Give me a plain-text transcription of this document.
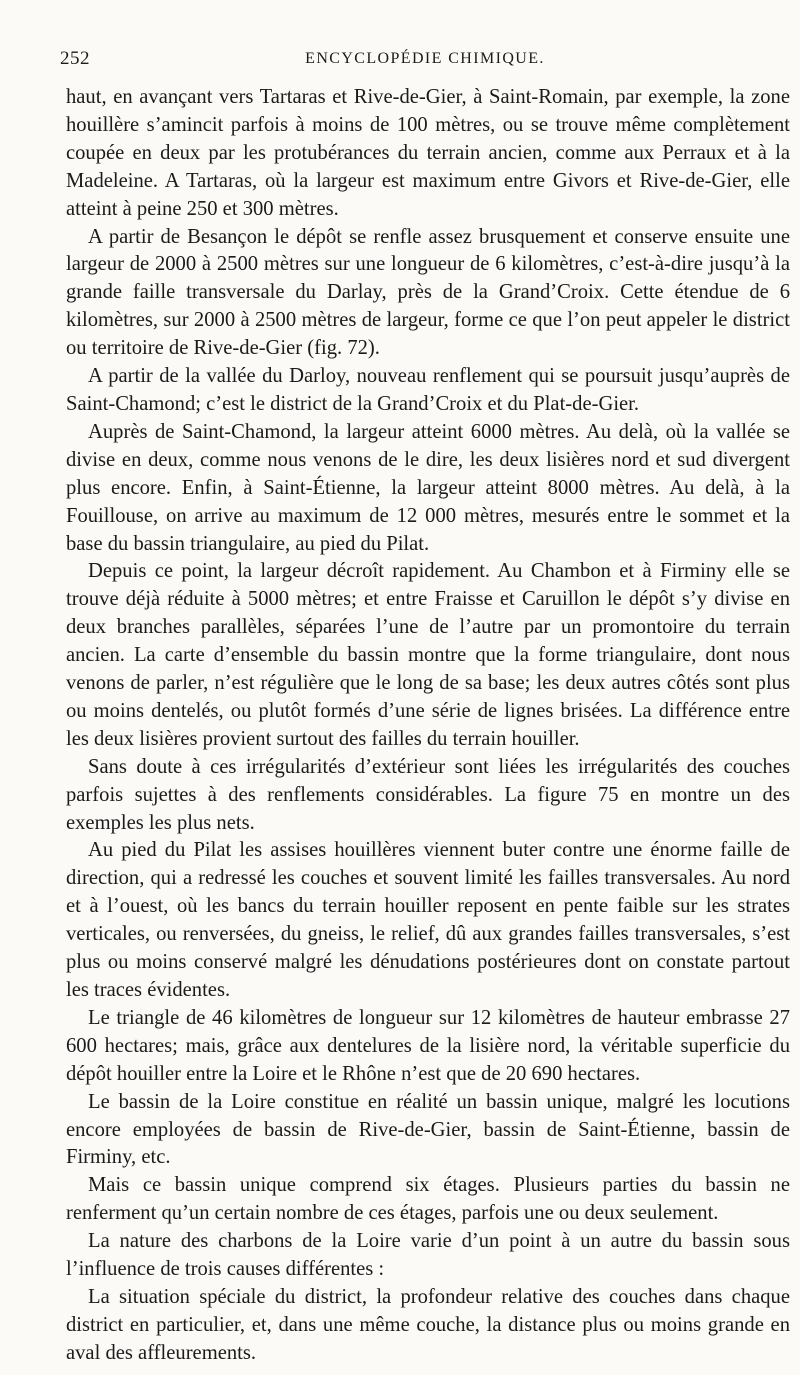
252	ENCYCLOPÉDIE CHIMIQUE.

haut, en avançant vers Tartaras et Rive-de-Gier, à Saint-Romain, par exemple, la zone houillère s’amincit parfois à moins de 100 mètres, ou se trouve même complètement coupée en deux par les protubérances du terrain ancien, comme aux Perraux et à la Madeleine. A Tartaras, où la largeur est maximum entre Givors et Rive-de-Gier, elle atteint à peine 250 et 300 mètres.

A partir de Besançon le dépôt se renfle assez brusquement et conserve ensuite une largeur de 2000 à 2500 mètres sur une longueur de 6 kilomètres, c’est-à-dire jusqu’à la grande faille transversale du Darlay, près de la Grand’Croix. Cette étendue de 6 kilomètres, sur 2000 à 2500 mètres de largeur, forme ce que l’on peut appeler le district ou territoire de Rive-de-Gier (fig. 72).

A partir de la vallée du Darloy, nouveau renflement qui se poursuit jusqu’auprès de Saint-Chamond; c’est le district de la Grand’Croix et du Plat-de-Gier.

Auprès de Saint-Chamond, la largeur atteint 6000 mètres. Au delà, où la vallée se divise en deux, comme nous venons de le dire, les deux lisières nord et sud divergent plus encore. Enfin, à Saint-Étienne, la largeur atteint 8000 mètres. Au delà, à la Fouillouse, on arrive au maximum de 12 000 mètres, mesurés entre le sommet et la base du bassin triangulaire, au pied du Pilat.

Depuis ce point, la largeur décroît rapidement. Au Chambon et à Firminy elle se trouve déjà réduite à 5000 mètres; et entre Fraisse et Caruillon le dépôt s’y divise en deux branches parallèles, séparées l’une de l’autre par un promontoire du terrain ancien. La carte d’ensemble du bassin montre que la forme triangulaire, dont nous venons de parler, n’est régulière que le long de sa base; les deux autres côtés sont plus ou moins dentelés, ou plutôt formés d’une série de lignes brisées. La différence entre les deux lisières provient surtout des failles du terrain houiller.

Sans doute à ces irrégularités d’extérieur sont liées les irrégularités des couches parfois sujettes à des renflements considérables. La figure 75 en montre un des exemples les plus nets.

Au pied du Pilat les assises houillères viennent buter contre une énorme faille de direction, qui a redressé les couches et souvent limité les failles transversales. Au nord et à l’ouest, où les bancs du terrain houiller reposent en pente faible sur les strates verticales, ou renversées, du gneiss, le relief, dû aux grandes failles transversales, s’est plus ou moins conservé malgré les dénudations postérieures dont on constate partout les traces évidentes.

Le triangle de 46 kilomètres de longueur sur 12 kilomètres de hauteur embrasse 27 600 hectares; mais, grâce aux dentelures de la lisière nord, la véritable superficie du dépôt houiller entre la Loire et le Rhône n’est que de 20 690 hectares.

Le bassin de la Loire constitue en réalité un bassin unique, malgré les locutions encore employées de bassin de Rive-de-Gier, bassin de Saint-Étienne, bassin de Firminy, etc.

Mais ce bassin unique comprend six étages. Plusieurs parties du bassin ne renferment qu’un certain nombre de ces étages, parfois une ou deux seulement.

La nature des charbons de la Loire varie d’un point à un autre du bassin sous l’influence de trois causes différentes :

La situation spéciale du district, la profondeur relative des couches dans chaque district en particulier, et, dans une même couche, la distance plus ou moins grande en aval des affleurements.
